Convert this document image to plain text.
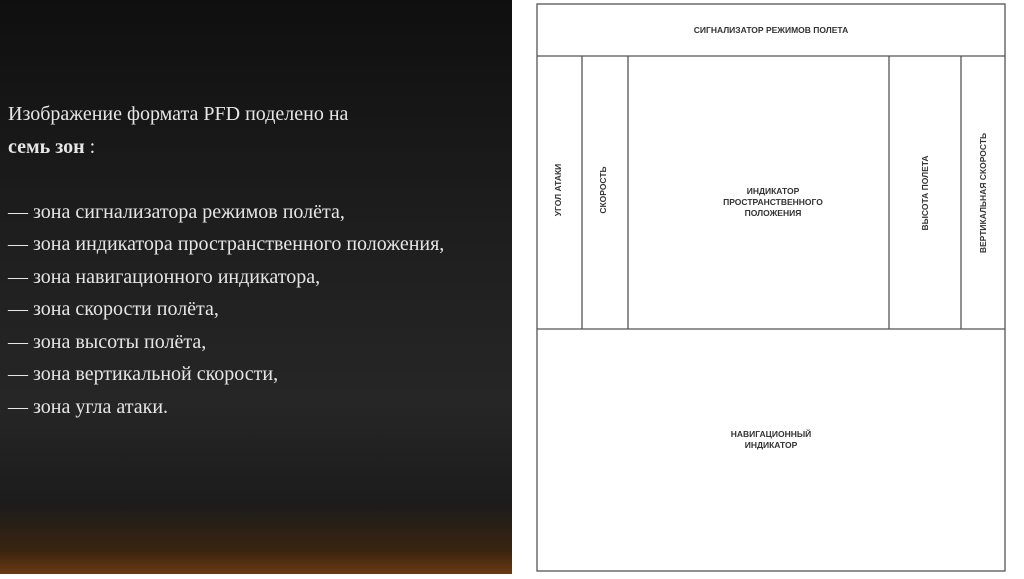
Изображение формата PFD поделено на
семь зон :

— зона сигнализатора режимов полёта,

— зона индикатора пространственного положения,

— зона навигационного индикатора,

— зона скорости полёта,

— зона высоты полёта,

— зона вертикальной скорости,

— зона угла атаки.

СИГНАЛИЗАТОР РЕЖИМОВ ПОЛЕТА
УГОЛ АТАКИ	СКОРОСТЬ	ИНДИКАТОР
ПРОСТРАНСТВЕННОГО
ПОЛОЖЕНИЯ	ВЫСОТА ПОЛЕТА	ВЕРТИКАЛЬНАЯ СКОРОСТЬ
НАВИГАЦИОННЫЙ
ИНДИКАТОР
